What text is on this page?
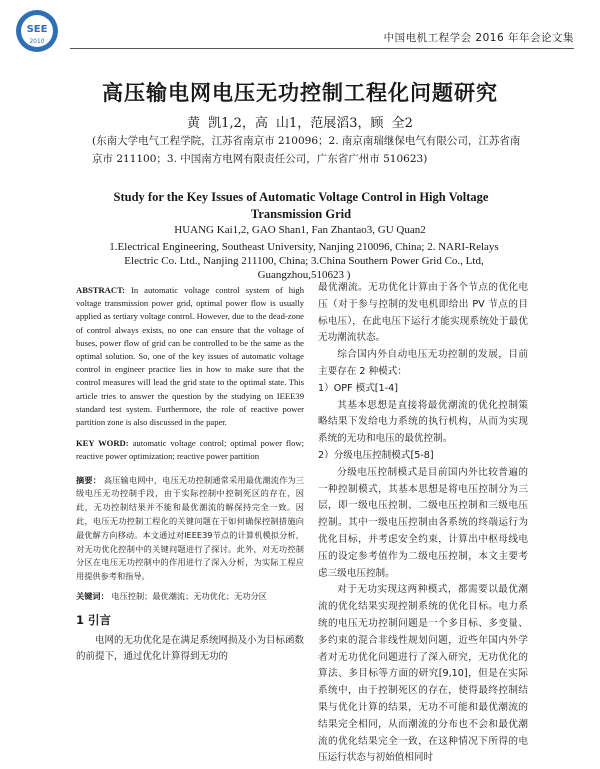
SEE
2010	中国电机工程学会 2016 年年会论文集
高压输电网电压无功控制工程化问题研究
黄 凯1,2，高 山1，范展滔3，顾 全2
(东南大学电气工程学院，江苏省南京市 210096；2. 南京南瑞继保电气有限公司，江苏省南京市 211100；3. 中国南方电网有限责任公司，广东省广州市 510623)
Study for the Key Issues of Automatic Voltage Control in High Voltage Transmission Grid
HUANG Kai1,2, GAO Shan1, Fan Zhantao3, GU Quan2
1.Electrical Engineering, Southeast University, Nanjing 210096, China; 2. NARI-Relays Electric Co. Ltd., Nanjing 211100, China; 3.China Southern Power Grid Co., Ltd, Guangzhou,510623 )

ABSTRACT: In automatic voltage control system of high voltage transmission power grid, optimal power flow is usually applied as tertiary voltage control. However, due to the dead-zone of control always exists, no one can ensure that the voltage of buses, power flow of grid can be controlled to be the same as the optimal solution. So, one of the key issues of automatic voltage control in engineer practice lies in how to make sure that the control measures will lead the grid state to the optimal state. This article tries to answer the question by the studying on IEEE39 standard test system. Furthermore, the role of reactive power partition zone is also discussed in the paper.

KEY WORD: automatic voltage control; optimal power flow; reactive power optimization; reactive power partition

摘要： 高压输电网中，电压无功控制通常采用最优潮流作为三级电压无功控制手段，由于实际控制中控制死区的存在，因此，无功控制结果并不能和最优潮流的解保持完全一致。因此，电压无功控制工程化的关键问题在于如何确保控制措施向最优解方向移动。本文通过对IEEE39节点的计算机模拟分析，对无功优化控制中的关键问题进行了探讨。此外，对无功控制分区在电压无功控制中的作用进行了深入分析，为实际工程应用提供参考和指导。

关键词： 电压控制；最优潮流；无功优化；无功分区

1 引言

电网的无功优化是在满足系统网损及小为目标函数的前提下，通过优化计算得到无功的

最优潮流。无功优化计算由于各个节点的优化电压（对于参与控制的发电机即给出 PV 节点的目标电压），在此电压下运行才能实现系统处于最优无功潮流状态。

综合国内外自动电压无功控制的发展，目前主要存在 2 种模式：

1）OPF 模式[1-4]

其基本思想是直接将最优潮流的优化控制策略结果下发给电力系统的执行机构，从而为实现系统的无功和电压的最优控制。

2）分级电压控制模式[5-8]

分级电压控制模式是目前国内外比较普遍的一种控制模式，其基本思想是将电压控制分为三层，即一级电压控制、二级电压控制和三级电压控制。其中一级电压控制由各系统的终端运行为优化目标，并考虑安全约束，计算出中枢母线电压的设定参考值作为二级电压控制，本文主要考虑三级电压控制。

对于无功实现这两种模式，都需要以最优潮流的优化结果实现控制系统的优化目标。电力系统的电压无功控制问题是一个多目标、多变量、多约束的混合非线性规划问题，近些年国内外学者对无功优化问题进行了深入研究，无功优化的算法、多目标等方面的研究[9,10]，但是在实际系统中，由于控制死区的存在，使得最终控制结果与优化计算的结果，无功不可能和最优潮流的结果完全相同，从而潮流的分布也不会和最优潮流的优化结果完全一致，在这种情况下所得的电压运行状态与初始值相同时
